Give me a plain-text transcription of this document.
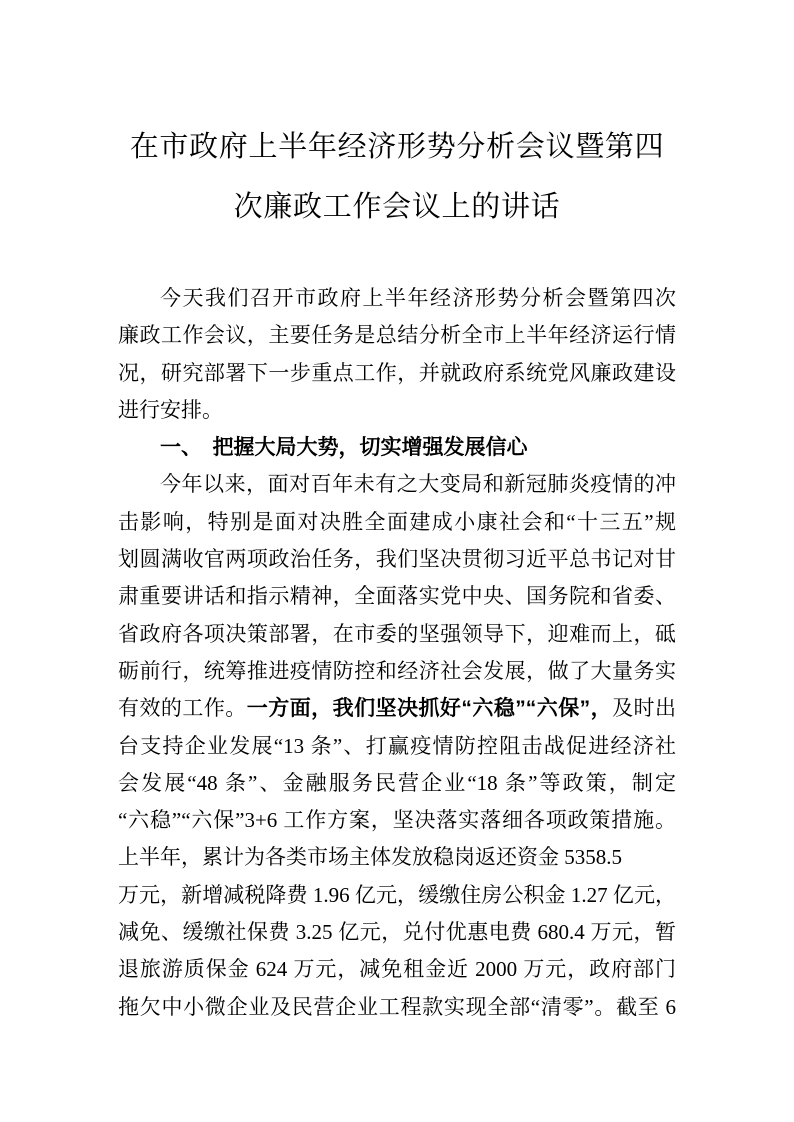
在市政府上半年经济形势分析会议暨第四
次廉政工作会议上的讲话
今天我们召开市政府上半年经济形势分析会暨第四次
廉政工作会议，主要任务是总结分析全市上半年经济运行情
况，研究部署下一步重点工作，并就政府系统党风廉政建设
进行安排。
一、　把握大局大势，切实增强发展信心
今年以来，面对百年未有之大变局和新冠肺炎疫情的冲
击影响，特别是面对决胜全面建成小康社会和“十三五”规
划圆满收官两项政治任务，我们坚决贯彻习近平总书记对甘
肃重要讲话和指示精神，全面落实党中央、国务院和省委、
省政府各项决策部署，在市委的坚强领导下，迎难而上，砥
砺前行，统筹推进疫情防控和经济社会发展，做了大量务实
有效的工作。一方面，我们坚决抓好“六稳”“六保”，及时出
台支持企业发展“13 条”、打赢疫情防控阻击战促进经济社
会发展“48 条”、金融服务民营企业“18 条”等政策，制定
“六稳”“六保”3+6 工作方案，坚决落实落细各项政策措施。
上半年，累计为各类市场主体发放稳岗返还资金 5358.5
万元，新增减税降费 1.96 亿元，缓缴住房公积金 1.27 亿元，
减免、缓缴社保费 3.25 亿元，兑付优惠电费 680.4 万元，暂
退旅游质保金 624 万元，减免租金近 2000 万元，政府部门
拖欠中小微企业及民营企业工程款实现全部“清零”。截至 6
